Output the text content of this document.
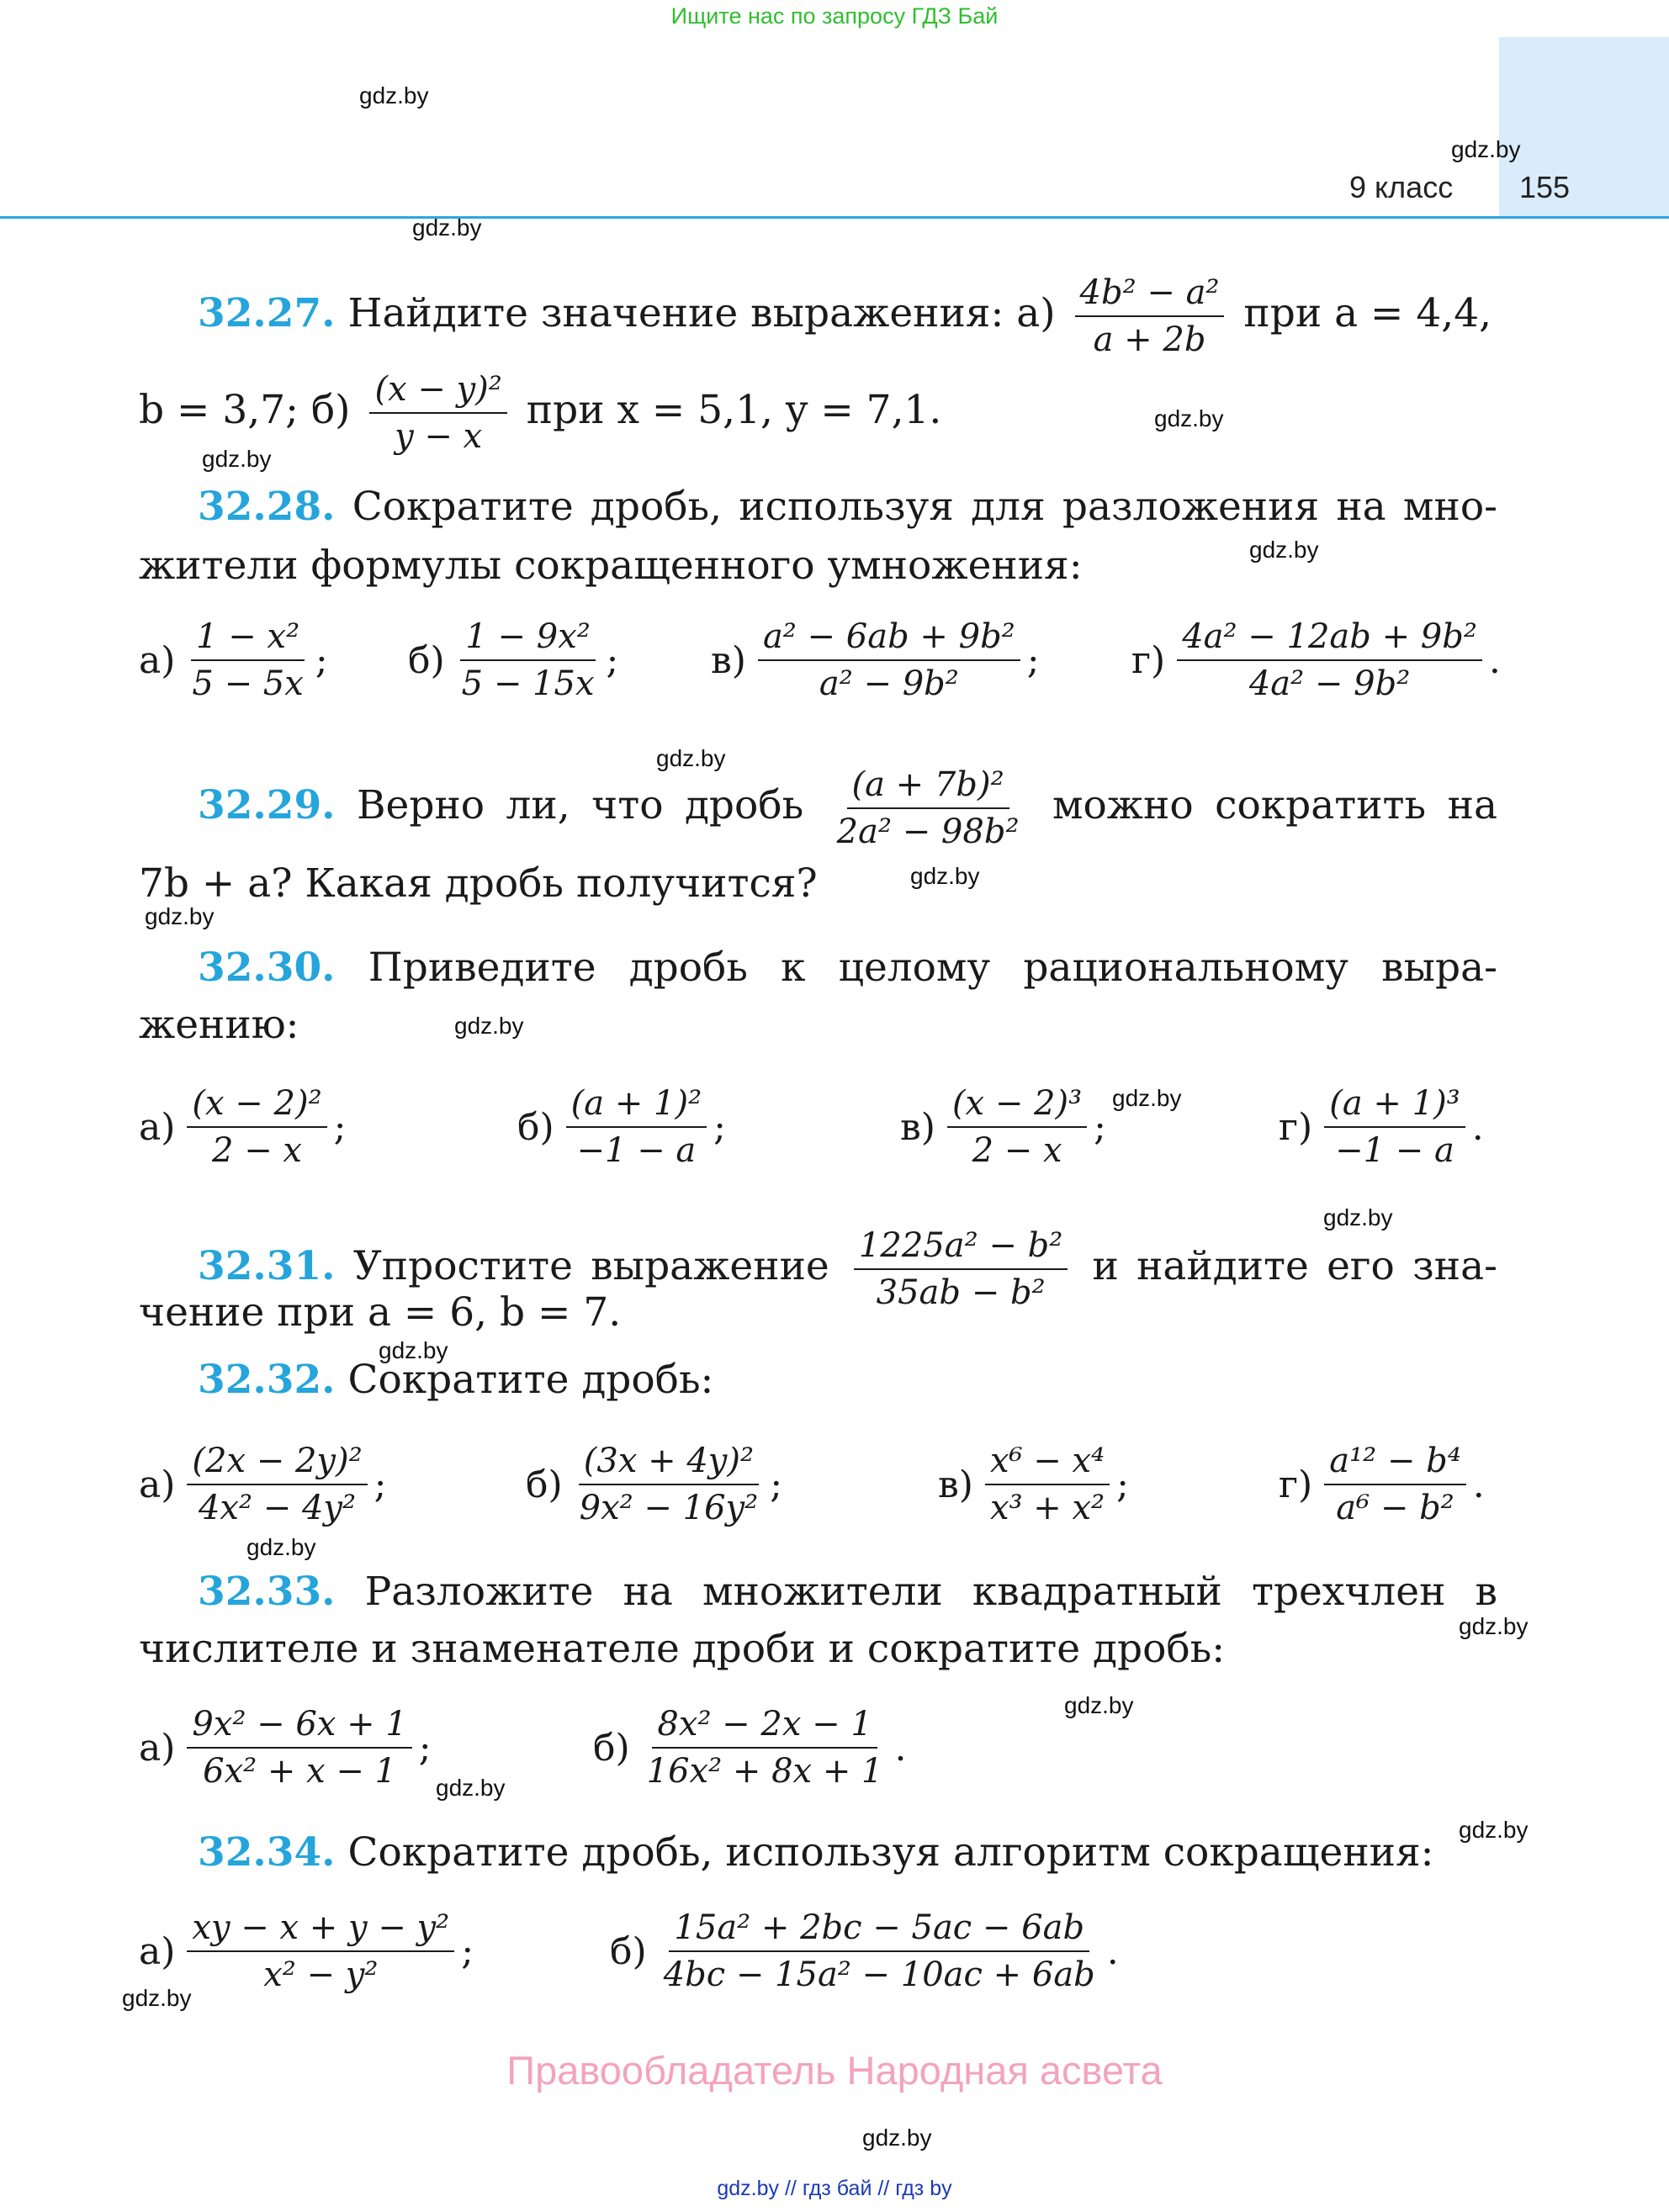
Ищите нас по запросу ГДЗ Бай
9 класс 155
gdz.by
gdz.by
gdz.by
gdz.by
gdz.by
gdz.by
gdz.by
gdz.by
gdz.by
gdz.by
gdz.by
gdz.by
gdz.by
gdz.by
gdz.by
gdz.by
gdz.by
gdz.by
gdz.by
gdz.by
32.27. Найдите значение выражения: $а) \frac{\text{4b² − a²}}{a + 2b}$ при a = 4,4,
b = 3,7; $б) \frac{\text{(x − y)²}}{y - x}$ при x = 5,1, y = 7,1.
32.28. Сократите дробь, используя для разложения на мно-
жители формулы сокращенного умножения:
$а) \frac{\text{1 − x²}}{5 - 5x}$ ; $б) \frac{\text{1 − 9x²}}{5 - 15x}$ ; $в) \frac{\text{a² − 6ab + 9b²}}{\text{a² − 9b²}}$ ; $г) \frac{\text{4a² − 12ab + 9b²}}{\text{4a² − 9b²}}$ .
32.29. Верно ли, что дробь $\frac{\text{(a + 7b)²}}{\text{2a² − 98b²}}$ можно сократить на
7b + a? Какая дробь получится?
32.30. Приведите дробь к целому рациональному выра-
жению:
$а) \frac{\text{(x − 2)²}}{2 - x}$ ;	$б) \frac{\text{(a + 1)²}}{-1 - a}$ ;	$в) \frac{\text{(x − 2)³}}{2 - x}$ ;	$г) \frac{\text{(a + 1)³}}{-1 - a}$ .
32.31. Упростите выражение $\frac{\text{1225a² − b²}}{\text{35ab − b²}}$ и найдите его зна-
чение при a = 6, b = 7.
32.32. Сократите дробь:
$а) \frac{\text{(2x − 2y)²}}{\text{4x² − 4y²}}$ ;	$б) \frac{\text{(3x + 4y)²}}{\text{9x² − 16y²}}$ ;	$в) \frac{\text{x⁶ − x⁴}}{\text{x³ + x²}}$ ;	$г) \frac{\text{a¹² − b⁴}}{\text{a⁶ − b²}}$ .
32.33. Разложите на множители квадратный трехчлен в
числителе и знаменателе дроби и сократите дробь:
$а) \frac{\text{9x² − 6x + 1}}{\text{6x² + x − 1}}$ ;	$б) \frac{\text{8x² − 2x − 1}}{\text{16x² + 8x + 1}}$ .
32.34. Сократите дробь, используя алгоритм сокращения:
$а) \frac{\text{xy − x + y − y²}}{\text{x² − y²}}$ ;	$б) \frac{\text{15a² + 2bc − 5ac − 6ab}}{\text{4bc − 15a² − 10ac + 6ab}}$ .
Правообладатель Народная асвета
gdz.by // гдз бай // гдз by
